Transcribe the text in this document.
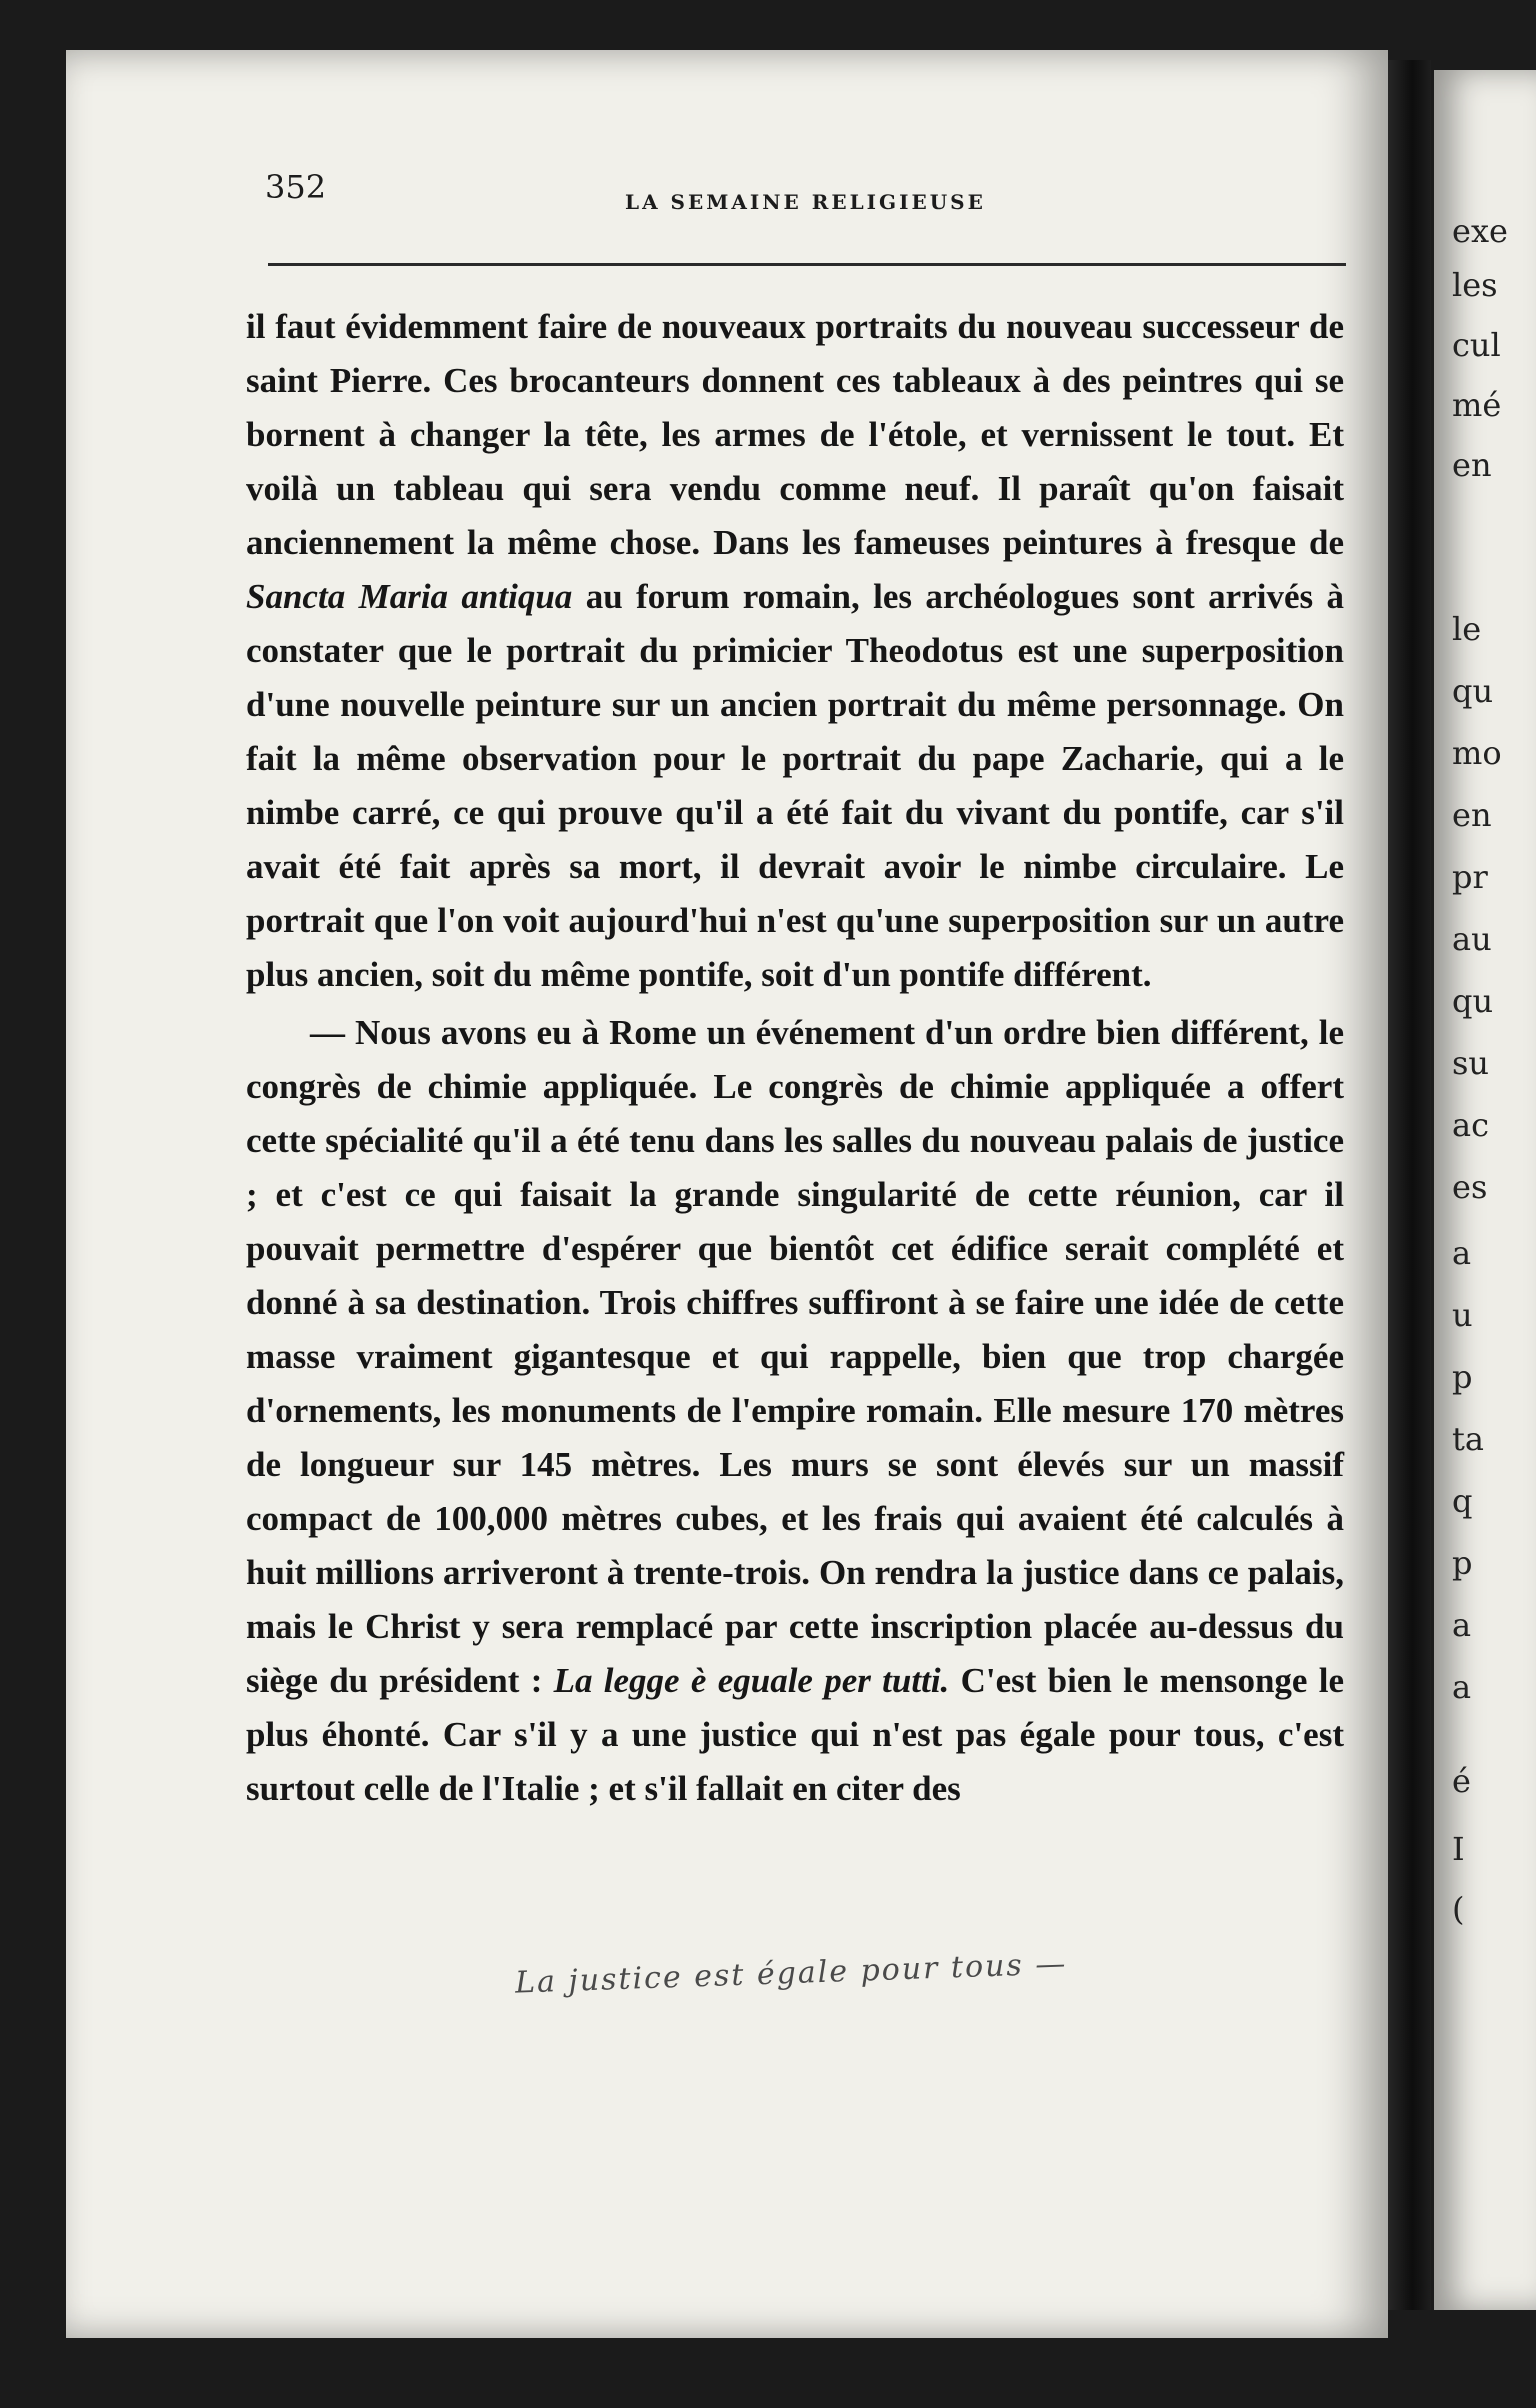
exe
les
cul
mé
en
le
qu
mo
en
pr
au
qu
su
ac
es
a
u
p
ta
q
p
a
a
é
I
(
352	LA SEMAINE RELIGIEUSE

il faut évidemment faire de nouveaux portraits du nouveau successeur de saint Pierre. Ces brocanteurs donnent ces tableaux à des peintres qui se bornent à changer la tête, les armes de l'étole, et vernissent le tout. Et voilà un tableau qui sera vendu comme neuf. Il paraît qu'on faisait anciennement la même chose. Dans les fameuses peintures à fresque de Sancta Maria antiqua au forum romain, les archéologues sont arrivés à constater que le portrait du primicier Theodotus est une superposition d'une nouvelle peinture sur un ancien portrait du même personnage. On fait la même observation pour le portrait du pape Zacharie, qui a le nimbe carré, ce qui prouve qu'il a été fait du vivant du pontife, car s'il avait été fait après sa mort, il devrait avoir le nimbe circulaire. Le portrait que l'on voit aujourd'hui n'est qu'une superposition sur un autre plus ancien, soit du même pontife, soit d'un pontife différent.

— Nous avons eu à Rome un événement d'un ordre bien différent, le congrès de chimie appliquée. Le congrès de chimie appliquée a offert cette spécialité qu'il a été tenu dans les salles du nouveau palais de justice ; et c'est ce qui faisait la grande singularité de cette réunion, car il pouvait permettre d'espérer que bientôt cet édifice serait complété et donné à sa destination. Trois chiffres suffiront à se faire une idée de cette masse vraiment gigantesque et qui rappelle, bien que trop chargée d'ornements, les monuments de l'empire romain. Elle mesure 170 mètres de longueur sur 145 mètres. Les murs se sont élevés sur un massif compact de 100,000 mètres cubes, et les frais qui avaient été calculés à huit millions arriveront à trente-trois. On rendra la justice dans ce palais, mais le Christ y sera remplacé par cette inscription placée au-dessus du siège du président : La legge è eguale per tutti. C'est bien le mensonge le plus éhonté. Car s'il y a une justice qui n'est pas égale pour tous, c'est surtout celle de l'Italie ; et s'il fallait en citer des

La justice est égale pour tous —
